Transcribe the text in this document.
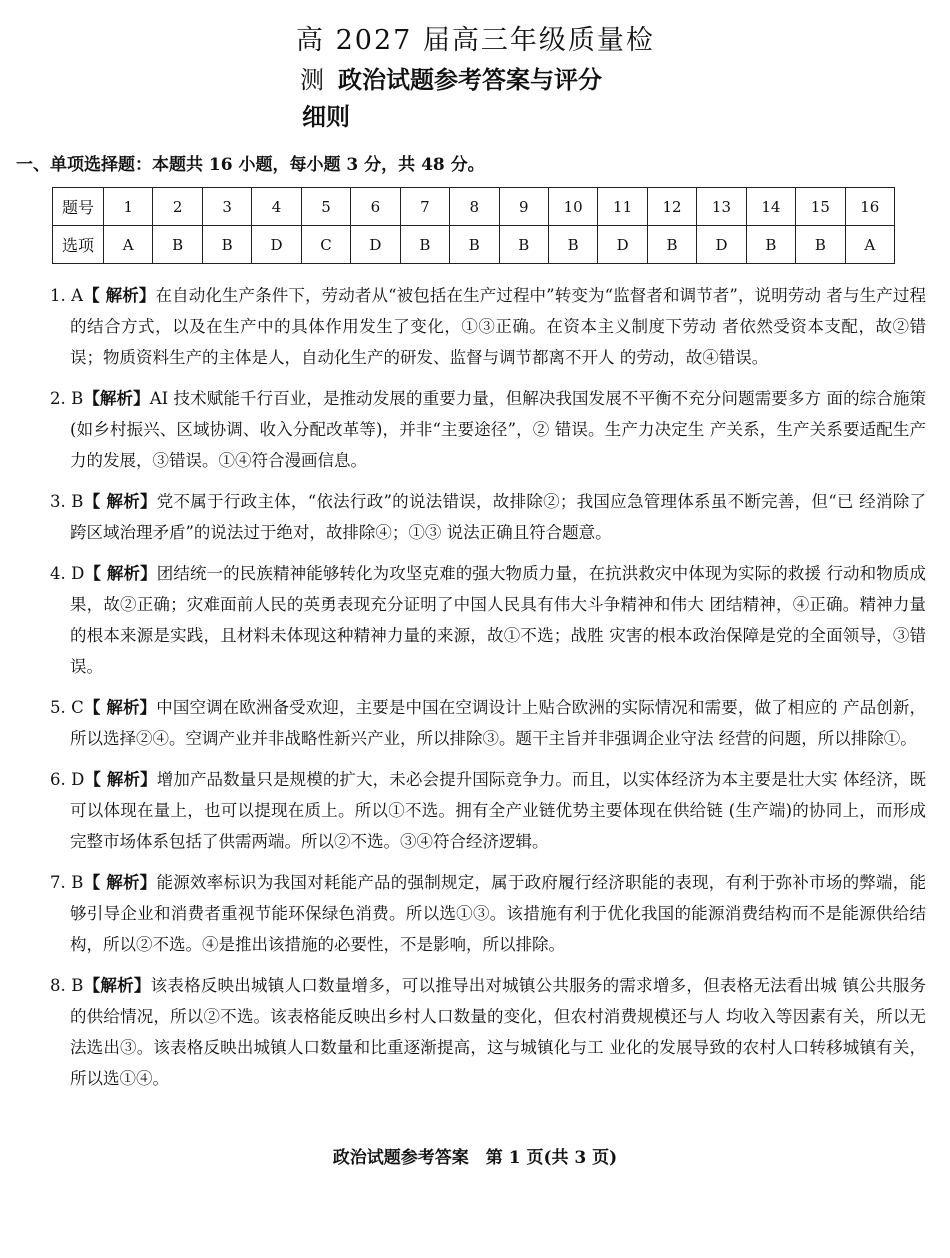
高 2027 届高三年级质量检
测 政治试题参考答案与评分
细则
一、单项选择题：本题共 16 小题，每小题 3 分，共 48 分。
题号	1	2	3	4	5	6	7	8	9	10	11	12	13	14	15	16
选项	A	B	B	D	C	D	B	B	B	B	D	B	D	B	B	A
1. A【 解析】在自动化生产条件下，劳动者从“被包括在生产过程中”转变为“监督者和调节者”，说明劳动 者与生产过程的结合方式，以及在生产中的具体作用发生了变化，①③正确。在资本主义制度下劳动 者依然受资本支配，故②错误；物质资料生产的主体是人，自动化生产的研发、监督与调节都离不开人 的劳动，故④错误。
2. B【解析】AI 技术赋能千行百业，是推动发展的重要力量，但解决我国发展不平衡不充分问题需要多方 面的综合施策(如乡村振兴、区域协调、收入分配改革等)，并非“主要途径”，② 错误。生产力决定生 产关系，生产关系要适配生产力的发展，③错误。①④符合漫画信息。
3. B【 解析】党不属于行政主体，“依法行政”的说法错误，故排除②；我国应急管理体系虽不断完善，但“已 经消除了跨区域治理矛盾”的说法过于绝对，故排除④；①③ 说法正确且符合题意。
4. D【 解析】团结统一的民族精神能够转化为攻坚克难的强大物质力量，在抗洪救灾中体现为实际的救援 行动和物质成果，故②正确；灾难面前人民的英勇表现充分证明了中国人民具有伟大斗争精神和伟大 团结精神，④正确。精神力量的根本来源是实践，且材料未体现这种精神力量的来源，故①不选；战胜 灾害的根本政治保障是党的全面领导，③错误。
5. C【 解析】中国空调在欧洲备受欢迎，主要是中国在空调设计上贴合欧洲的实际情况和需要，做了相应的 产品创新，所以选择②④。空调产业并非战略性新兴产业，所以排除③。题干主旨并非强调企业守法 经营的问题，所以排除①。
6. D【 解析】增加产品数量只是规模的扩大，未必会提升国际竞争力。而且，以实体经济为本主要是壮大实 体经济，既可以体现在量上，也可以提现在质上。所以①不选。拥有全产业链优势主要体现在供给链 (生产端)的协同上，而形成完整市场体系包括了供需两端。所以②不选。③④符合经济逻辑。
7. B【 解析】能源效率标识为我国对耗能产品的强制规定，属于政府履行经济职能的表现，有利于弥补市场的弊端，能够引导企业和消费者重视节能环保绿色消费。所以选①③。该措施有利于优化我国的能源消费结构而不是能源供给结构，所以②不选。④是推出该措施的必要性，不是影响，所以排除。
8. B【解析】该表格反映出城镇人口数量增多，可以推导出对城镇公共服务的需求增多，但表格无法看出城 镇公共服务的供给情况，所以②不选。该表格能反映出乡村人口数量的变化，但农村消费规模还与人 均收入等因素有关，所以无法选出③。该表格反映出城镇人口数量和比重逐渐提高，这与城镇化与工 业化的发展导致的农村人口转移城镇有关，所以选①④。
政治试题参考答案　第 1 页(共 3 页)
